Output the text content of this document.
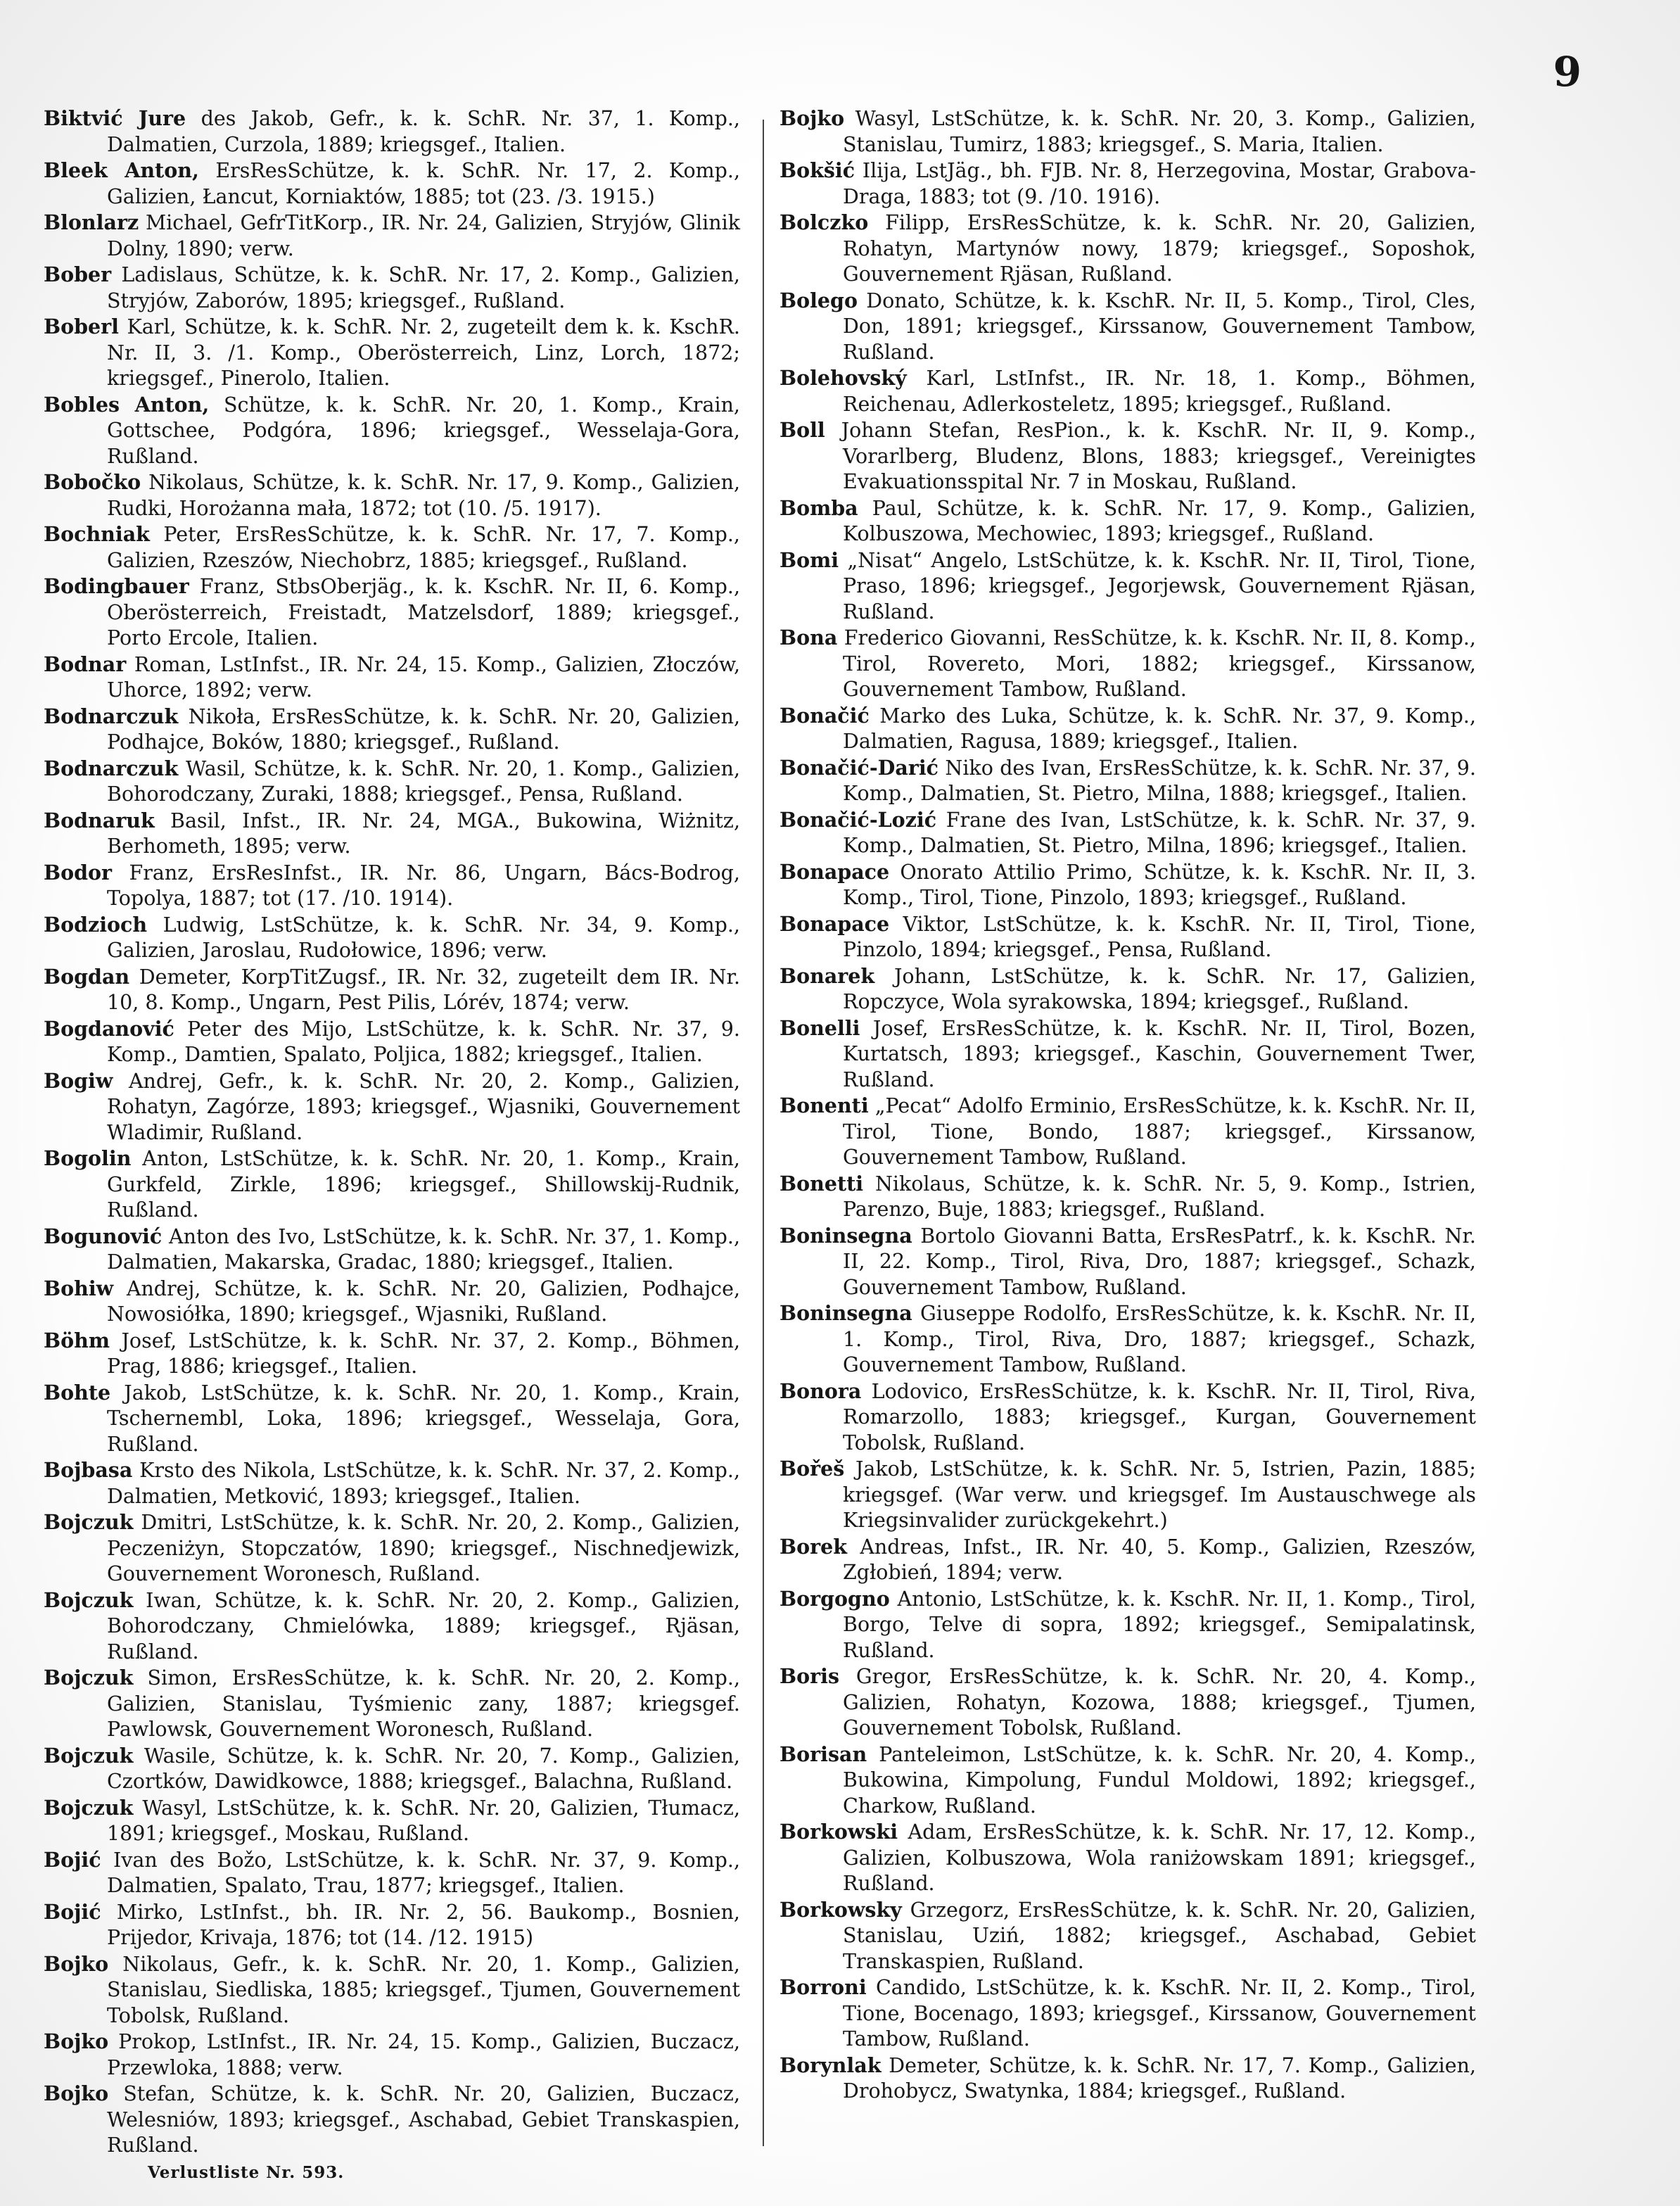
9

Biktvić Jure des Jakob, Gefr., k. k. SchR. Nr. 37, 1. Komp., Dalmatien, Curzola, 1889; kriegsgef., Italien.

Bleek Anton, ErsResSchütze, k. k. SchR. Nr. 17, 2. Komp., Galizien, Łancut, Korniaktów, 1885; tot (23. /3. 1915.)

Blonlarz Michael, GefrTitKorp., IR. Nr. 24, Galizien, Stryjów, Glinik Dolny, 1890; verw.

Bober Ladislaus, Schütze, k. k. SchR. Nr. 17, 2. Komp., Galizien, Stryjów, Zaborów, 1895; kriegsgef., Rußland.

Boberl Karl, Schütze, k. k. SchR. Nr. 2, zugeteilt dem k. k. KschR. Nr. II, 3. /1. Komp., Oberösterreich, Linz, Lorch, 1872; kriegsgef., Pinerolo, Italien.

Bobles Anton, Schütze, k. k. SchR. Nr. 20, 1. Komp., Krain, Gottschee, Podgóra, 1896; kriegsgef., Wesselaja-Gora, Rußland.

Bobočko Nikolaus, Schütze, k. k. SchR. Nr. 17, 9. Komp., Galizien, Rudki, Horożanna mała, 1872; tot (10. /5. 1917).

Bochniak Peter, ErsResSchütze, k. k. SchR. Nr. 17, 7. Komp., Galizien, Rzeszów, Niechobrz, 1885; kriegsgef., Rußland.

Bodingbauer Franz, StbsOberjäg., k. k. KschR. Nr. II, 6. Komp., Oberösterreich, Freistadt, Matzelsdorf, 1889; kriegsgef., Porto Ercole, Italien.

Bodnar Roman, LstInfst., IR. Nr. 24, 15. Komp., Galizien, Złoczów, Uhorce, 1892; verw.

Bodnarczuk Nikoła, ErsResSchütze, k. k. SchR. Nr. 20, Galizien, Podhajce, Boków, 1880; kriegsgef., Rußland.

Bodnarczuk Wasil, Schütze, k. k. SchR. Nr. 20, 1. Komp., Galizien, Bohorodczany, Zuraki, 1888; kriegsgef., Pensa, Rußland.

Bodnaruk Basil, Infst., IR. Nr. 24, MGA., Bukowina, Wiżnitz, Berhometh, 1895; verw.

Bodor Franz, ErsResInfst., IR. Nr. 86, Ungarn, Bács-Bodrog, Topolya, 1887; tot (17. /10. 1914).

Bodzioch Ludwig, LstSchütze, k. k. SchR. Nr. 34, 9. Komp., Galizien, Jaroslau, Rudołowice, 1896; verw.

Bogdan Demeter, KorpTitZugsf., IR. Nr. 32, zugeteilt dem IR. Nr. 10, 8. Komp., Ungarn, Pest Pilis, Lórév, 1874; verw.

Bogdanović Peter des Mijo, LstSchütze, k. k. SchR. Nr. 37, 9. Komp., Damtien, Spalato, Poljica, 1882; kriegsgef., Italien.

Bogiw Andrej, Gefr., k. k. SchR. Nr. 20, 2. Komp., Galizien, Rohatyn, Zagórze, 1893; kriegsgef., Wjasniki, Gouvernement Wladimir, Rußland.

Bogolin Anton, LstSchütze, k. k. SchR. Nr. 20, 1. Komp., Krain, Gurkfeld, Zirkle, 1896; kriegsgef., Shillowskij-Rudnik, Rußland.

Bogunović Anton des Ivo, LstSchütze, k. k. SchR. Nr. 37, 1. Komp., Dalmatien, Makarska, Gradac, 1880; kriegsgef., Italien.

Bohiw Andrej, Schütze, k. k. SchR. Nr. 20, Galizien, Podhajce, Nowosiółka, 1890; kriegsgef., Wjasniki, Rußland.

Böhm Josef, LstSchütze, k. k. SchR. Nr. 37, 2. Komp., Böhmen, Prag, 1886; kriegsgef., Italien.

Bohte Jakob, LstSchütze, k. k. SchR. Nr. 20, 1. Komp., Krain, Tschernembl, Loka, 1896; kriegsgef., Wesselaja, Gora, Rußland.

Bojbasa Krsto des Nikola, LstSchütze, k. k. SchR. Nr. 37, 2. Komp., Dalmatien, Metković, 1893; kriegsgef., Italien.

Bojczuk Dmitri, LstSchütze, k. k. SchR. Nr. 20, 2. Komp., Galizien, Peczeniżyn, Stopczatów, 1890; kriegsgef., Nischnedjewizk, Gouvernement Woronesch, Rußland.

Bojczuk Iwan, Schütze, k. k. SchR. Nr. 20, 2. Komp., Galizien, Bohorodczany, Chmielówka, 1889; kriegsgef., Rjäsan, Rußland.

Bojczuk Simon, ErsResSchütze, k. k. SchR. Nr. 20, 2. Komp., Galizien, Stanislau, Tyśmienic zany, 1887; kriegsgef. Pawlowsk, Gouvernement Woronesch, Rußland.

Bojczuk Wasile, Schütze, k. k. SchR. Nr. 20, 7. Komp., Galizien, Czortków, Dawidkowce, 1888; kriegsgef., Balachna, Rußland.

Bojczuk Wasyl, LstSchütze, k. k. SchR. Nr. 20, Galizien, Tłumacz, 1891; kriegsgef., Moskau, Rußland.

Bojić Ivan des Božo, LstSchütze, k. k. SchR. Nr. 37, 9. Komp., Dalmatien, Spalato, Trau, 1877; kriegsgef., Italien.

Bojić Mirko, LstInfst., bh. IR. Nr. 2, 56. Baukomp., Bosnien, Prijedor, Krivaja, 1876; tot (14. /12. 1915)

Bojko Nikolaus, Gefr., k. k. SchR. Nr. 20, 1. Komp., Galizien, Stanislau, Siedliska, 1885; kriegsgef., Tjumen, Gouvernement Tobolsk, Rußland.

Bojko Prokop, LstInfst., IR. Nr. 24, 15. Komp., Galizien, Buczacz, Przewloka, 1888; verw.

Bojko Stefan, Schütze, k. k. SchR. Nr. 20, Galizien, Buczacz, Welesniów, 1893; kriegsgef., Aschabad, Gebiet Transkaspien, Rußland.

Bojko Wasyl, LstSchütze, k. k. SchR. Nr. 20, 3. Komp., Galizien, Stanislau, Tumirz, 1883; kriegsgef., S. Maria, Italien.

Bokšić Ilija, LstJäg., bh. FJB. Nr. 8, Herzegovina, Mostar, Grabova-Draga, 1883; tot (9. /10. 1916).

Bolczko Filipp, ErsResSchütze, k. k. SchR. Nr. 20, Galizien, Rohatyn, Martynów nowy, 1879; kriegsgef., Soposhok, Gouvernement Rjäsan, Rußland.

Bolego Donato, Schütze, k. k. KschR. Nr. II, 5. Komp., Tirol, Cles, Don, 1891; kriegsgef., Kirssanow, Gouvernement Tambow, Rußland.

Bolehovský Karl, LstInfst., IR. Nr. 18, 1. Komp., Böhmen, Reichenau, Adlerkosteletz, 1895; kriegsgef., Rußland.

Boll Johann Stefan, ResPion., k. k. KschR. Nr. II, 9. Komp., Vorarlberg, Bludenz, Blons, 1883; kriegsgef., Vereinigtes Evakuationsspital Nr. 7 in Moskau, Rußland.

Bomba Paul, Schütze, k. k. SchR. Nr. 17, 9. Komp., Galizien, Kolbuszowa, Mechowiec, 1893; kriegsgef., Rußland.

Bomi „Nisat“ Angelo, LstSchütze, k. k. KschR. Nr. II, Tirol, Tione, Praso, 1896; kriegsgef., Jegorjewsk, Gouvernement Rjäsan, Rußland.

Bona Frederico Giovanni, ResSchütze, k. k. KschR. Nr. II, 8. Komp., Tirol, Rovereto, Mori, 1882; kriegsgef., Kirssanow, Gouvernement Tambow, Rußland.

Bonačić Marko des Luka, Schütze, k. k. SchR. Nr. 37, 9. Komp., Dalmatien, Ragusa, 1889; kriegsgef., Italien.

Bonačić-Darić Niko des Ivan, ErsResSchütze, k. k. SchR. Nr. 37, 9. Komp., Dalmatien, St. Pietro, Milna, 1888; kriegsgef., Italien.

Bonačić-Lozić Frane des Ivan, LstSchütze, k. k. SchR. Nr. 37, 9. Komp., Dalmatien, St. Pietro, Milna, 1896; kriegsgef., Italien.

Bonapace Onorato Attilio Primo, Schütze, k. k. KschR. Nr. II, 3. Komp., Tirol, Tione, Pinzolo, 1893; kriegsgef., Rußland.

Bonapace Viktor, LstSchütze, k. k. KschR. Nr. II, Tirol, Tione, Pinzolo, 1894; kriegsgef., Pensa, Rußland.

Bonarek Johann, LstSchütze, k. k. SchR. Nr. 17, Galizien, Ropczyce, Wola syrakowska, 1894; kriegsgef., Rußland.

Bonelli Josef, ErsResSchütze, k. k. KschR. Nr. II, Tirol, Bozen, Kurtatsch, 1893; kriegsgef., Kaschin, Gouvernement Twer, Rußland.

Bonenti „Pecat“ Adolfo Erminio, ErsResSchütze, k. k. KschR. Nr. II, Tirol, Tione, Bondo, 1887; kriegsgef., Kirssanow, Gouvernement Tambow, Rußland.

Bonetti Nikolaus, Schütze, k. k. SchR. Nr. 5, 9. Komp., Istrien, Parenzo, Buje, 1883; kriegsgef., Rußland.

Boninsegna Bortolo Giovanni Batta, ErsResPatrf., k. k. KschR. Nr. II, 22. Komp., Tirol, Riva, Dro, 1887; kriegsgef., Schazk, Gouvernement Tambow, Rußland.

Boninsegna Giuseppe Rodolfo, ErsResSchütze, k. k. KschR. Nr. II, 1. Komp., Tirol, Riva, Dro, 1887; kriegsgef., Schazk, Gouvernement Tambow, Rußland.

Bonora Lodovico, ErsResSchütze, k. k. KschR. Nr. II, Tirol, Riva, Romarzollo, 1883; kriegsgef., Kurgan, Gouvernement Tobolsk, Rußland.

Bořeš Jakob, LstSchütze, k. k. SchR. Nr. 5, Istrien, Pazin, 1885; kriegsgef. (War verw. und kriegsgef. Im Austauschwege als Kriegsinvalider zurückgekehrt.)

Borek Andreas, Infst., IR. Nr. 40, 5. Komp., Galizien, Rzeszów, Zgłobień, 1894; verw.

Borgogno Antonio, LstSchütze, k. k. KschR. Nr. II, 1. Komp., Tirol, Borgo, Telve di sopra, 1892; kriegsgef., Semipalatinsk, Rußland.

Boris Gregor, ErsResSchütze, k. k. SchR. Nr. 20, 4. Komp., Galizien, Rohatyn, Kozowa, 1888; kriegsgef., Tjumen, Gouvernement Tobolsk, Rußland.

Borisan Panteleimon, LstSchütze, k. k. SchR. Nr. 20, 4. Komp., Bukowina, Kimpolung, Fundul Moldowi, 1892; kriegsgef., Charkow, Rußland.

Borkowski Adam, ErsResSchütze, k. k. SchR. Nr. 17, 12. Komp., Galizien, Kolbuszowa, Wola raniżowskam 1891; kriegsgef., Rußland.

Borkowsky Grzegorz, ErsResSchütze, k. k. SchR. Nr. 20, Galizien, Stanislau, Uziń, 1882; kriegsgef., Aschabad, Gebiet Transkaspien, Rußland.

Borroni Candido, LstSchütze, k. k. KschR. Nr. II, 2. Komp., Tirol, Tione, Bocenago, 1893; kriegsgef., Kirssanow, Gouvernement Tambow, Rußland.

Borynlak Demeter, Schütze, k. k. SchR. Nr. 17, 7. Komp., Galizien, Drohobycz, Swatynka, 1884; kriegsgef., Rußland.

Verlustliste Nr. 593.
